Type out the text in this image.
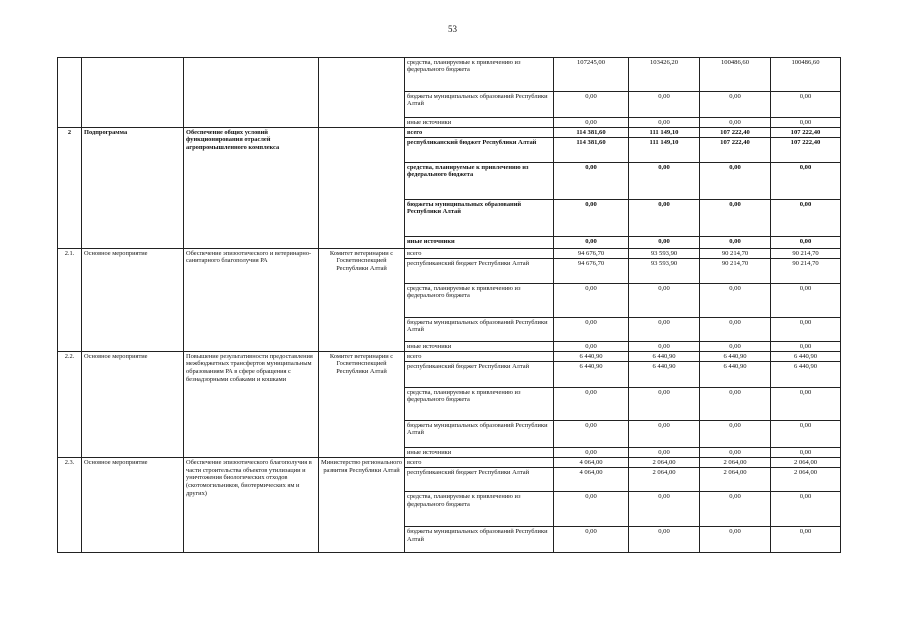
53
				средства, планируемые к привлечению из федерального бюджета	107245,00	103426,20	100486,60	100486,60
				бюджеты муниципальных образований Республики Алтай	0,00	0,00	0,00	0,00
				иные источники	0,00	0,00	0,00	0,00
2	Подпрограмма	Обеспечение общих условий функционирования отраслей агропромышленного комплекса		всего	114 381,60	111 149,10	107 222,40	107 222,40
				республиканский бюджет Республики Алтай	114 381,60	111 149,10	107 222,40	107 222,40
				средства, планируемые к привлечению из федерального бюджета	0,00	0,00	0,00	0,00
				бюджеты муниципальных образований Республики Алтай	0,00	0,00	0,00	0,00
				иные источники	0,00	0,00	0,00	0,00
2.1.	Основное мероприятие	Обеспечение эпизоотического и ветеринарно-санитарного благополучия РА	Комитет ветеринарии с Госветинспекцией Республики Алтай	всего	94 676,70	93 593,90	90 214,70	90 214,70
				республиканский бюджет Республики Алтай	94 676,70	93 593,90	90 214,70	90 214,70
				средства, планируемые к привлечению из федерального бюджета	0,00	0,00	0,00	0,00
				бюджеты муниципальных образований Республики Алтай	0,00	0,00	0,00	0,00
				иные источники	0,00	0,00	0,00	0,00
2.2.	Основное мероприятие	Повышение результативности предоставления межбюджетных трансфертов муниципальным образованиям РА в сфере обращения с безнадзорными собаками и кошками	Комитет ветеринарии с Госветинспекцией Республики Алтай	всего	6 440,90	6 440,90	6 440,90	6 440,90
				республиканский бюджет Республики Алтай	6 440,90	6 440,90	6 440,90	6 440,90
				средства, планируемые к привлечению из федерального бюджета	0,00	0,00	0,00	0,00
				бюджеты муниципальных образований Республики Алтай	0,00	0,00	0,00	0,00
				иные источники	0,00	0,00	0,00	0,00
2.3.	Основное мероприятие	Обеспечение эпизоотического благополучия в части строительства объектов утилизации и уничтожения биологических отходов (скотомогильников, биотермических ям и других)	Министерство регионального развития Республики Алтай	всего	4 064,00	2 064,00	2 064,00	2 064,00
				республиканский бюджет Республики Алтай	4 064,00	2 064,00	2 064,00	2 064,00
				средства, планируемые к привлечению из федерального бюджета	0,00	0,00	0,00	0,00
				бюджеты муниципальных образований Республики Алтай	0,00	0,00	0,00	0,00
